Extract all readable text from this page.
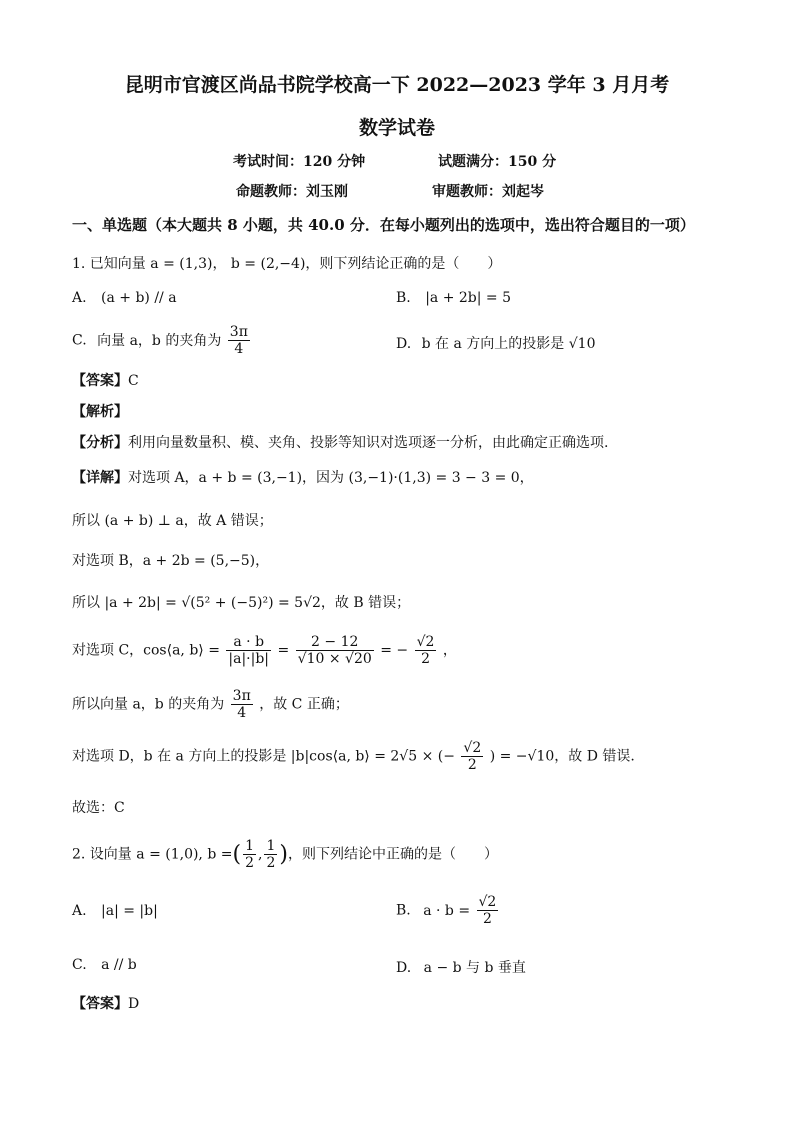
昆明市官渡区尚品书院学校高一下 2022—2023 学年 3 月月考
数学试卷
考试时间：120 分钟	试题满分：150 分
命题教师：刘玉刚	审题教师：刘起岑
一、单选题（本大题共 8 小题，共 40.0 分．在每小题列出的选项中，选出符合题目的一项）
1. 已知向量 a = (1,3)， b = (2,−4)，则下列结论正确的是（　　）
A. (a + b) // a	B. |a + 2b| = 5
C. 向量 a，b 的夹角为 $\frac{3\pi}{4}$	D. b 在 a 方向上的投影是 √10
【答案】C
【解析】
【分析】利用向量数量积、模、夹角、投影等知识对选项逐一分析，由此确定正确选项.
【详解】对选项 A，a + b = (3,−1)，因为 (3,−1)·(1,3) = 3 − 3 = 0，
所以 (a + b) ⊥ a，故 A 错误；
对选项 B，a + 2b = (5,−5)，
所以 |a + 2b| = √(5² + (−5)²) = 5√2，故 B 错误；
对选项 C，cos⟨a, b⟩ = $\frac{a \cdot b}{|a|\cdot|b|} = \frac{2 - 12}{√10 \times √20}$ = − $\frac{√2}{2}$ ，
所以向量 a，b 的夹角为 $\frac{3\pi}{4}$ ，故 C 正确；
对选项 D，b 在 a 方向上的投影是 |b|cos⟨a, b⟩ = 2√5 × (− $\frac{√2}{2}$ ) = −√10，故 D 错误.
故选：C
2. 设向量 a = (1,0), b =( $\frac{1}{2}$ , $\frac{1}{2}$ )，则下列结论中正确的是（　　）
A. |a| = |b|	B. $a \cdot b = \frac{√2}{2}$
C. a // b	D. a − b 与 b 垂直
【答案】D
